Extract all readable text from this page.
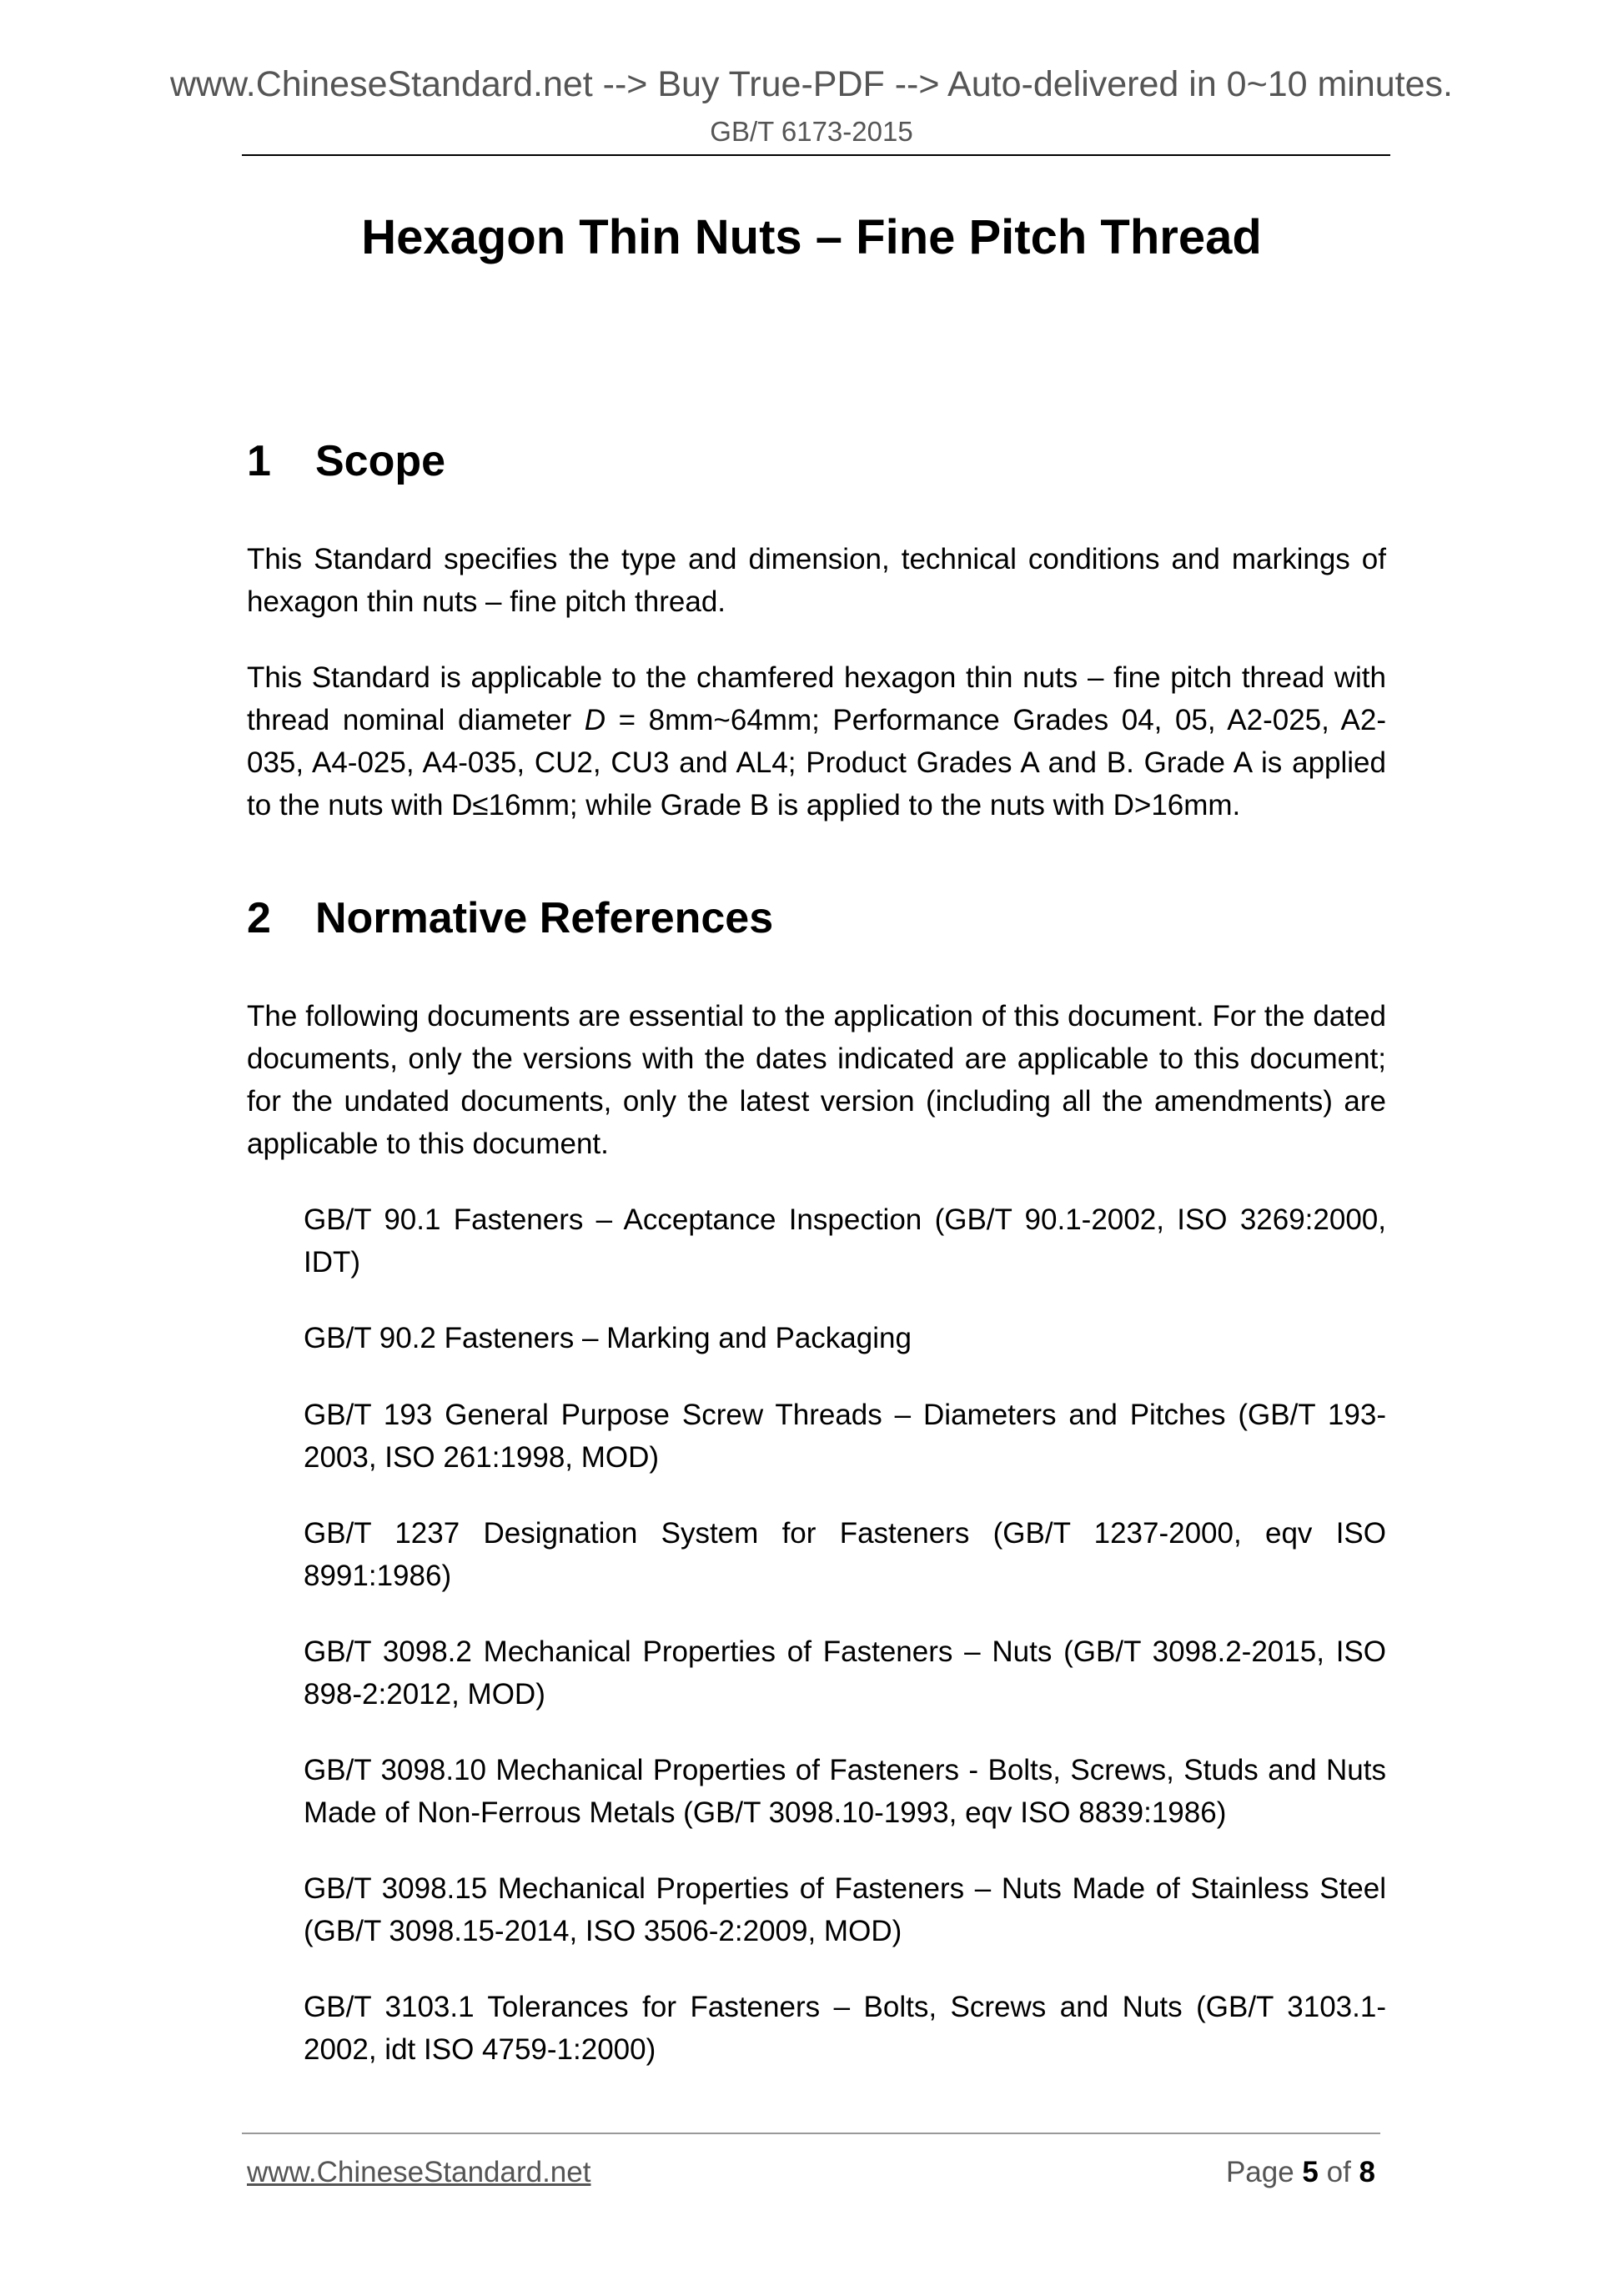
www.ChineseStandard.net --> Buy True-PDF --> Auto-delivered in 0~10 minutes.
GB/T 6173-2015
Hexagon Thin Nuts – Fine Pitch Thread
1 Scope
This Standard specifies the type and dimension, technical conditions and markings of hexagon thin nuts – fine pitch thread.
This Standard is applicable to the chamfered hexagon thin nuts – fine pitch thread with thread nominal diameter D = 8mm~64mm; Performance Grades 04, 05, A2-025, A2-035, A4-025, A4-035, CU2, CU3 and AL4; Product Grades A and B. Grade A is applied to the nuts with D≤16mm; while Grade B is applied to the nuts with D>16mm.
2 Normative References
The following documents are essential to the application of this document. For the dated documents, only the versions with the dates indicated are applicable to this document; for the undated documents, only the latest version (including all the amendments) are applicable to this document.
GB/T 90.1 Fasteners – Acceptance Inspection (GB/T 90.1-2002, ISO 3269:2000, IDT)
GB/T 90.2 Fasteners – Marking and Packaging
GB/T 193 General Purpose Screw Threads – Diameters and Pitches (GB/T 193-2003, ISO 261:1998, MOD)
GB/T 1237 Designation System for Fasteners (GB/T 1237-2000, eqv ISO 8991:1986)
GB/T 3098.2 Mechanical Properties of Fasteners – Nuts (GB/T 3098.2-2015, ISO 898-2:2012, MOD)
GB/T 3098.10 Mechanical Properties of Fasteners - Bolts, Screws, Studs and Nuts Made of Non-Ferrous Metals (GB/T 3098.10-1993, eqv ISO 8839:1986)
GB/T 3098.15 Mechanical Properties of Fasteners – Nuts Made of Stainless Steel (GB/T 3098.15-2014, ISO 3506-2:2009, MOD)
GB/T 3103.1 Tolerances for Fasteners – Bolts, Screws and Nuts (GB/T 3103.1-2002, idt ISO 4759-1:2000)
www.ChineseStandard.net	Page 5 of 8
